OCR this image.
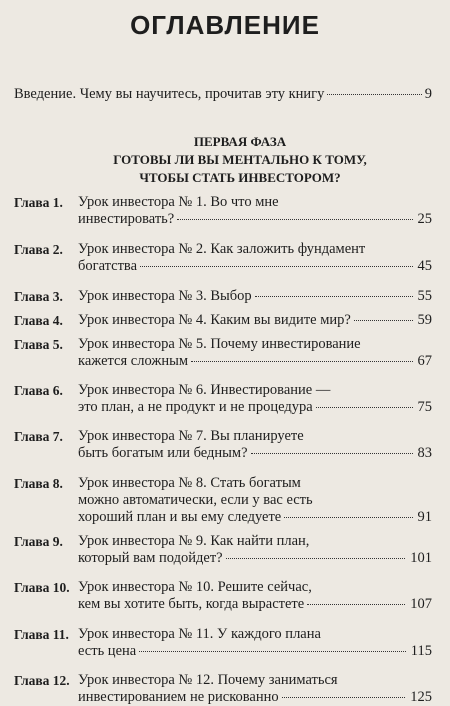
ОГЛАВЛЕНИЕ
Введение. Чему вы научитесь, прочитав эту книгу	9
ПЕРВАЯ ФАЗА
ГОТОВЫ ЛИ ВЫ МЕНТАЛЬНО К ТОМУ,
ЧТОБЫ СТАТЬ ИНВЕСТОРОМ?
Глава 1.	Урок инвестора № 1. Во что мне
инвестировать?	25
Глава 2.	Урок инвестора № 2. Как заложить фундамент
богатства	45
Глава 3.	Урок инвестора № 3. Выбор	55
Глава 4.	Урок инвестора № 4. Каким вы видите мир?	59
Глава 5.	Урок инвестора № 5. Почему инвестирование
кажется сложным	67
Глава 6.	Урок инвестора № 6. Инвестирование —
это план, а не продукт и не процедура	75
Глава 7.	Урок инвестора № 7. Вы планируете
быть богатым или бедным?	83
Глава 8.	Урок инвестора № 8. Стать богатым
можно автоматически, если у вас есть
хороший план и вы ему следуете	91
Глава 9.	Урок инвестора № 9. Как найти план,
который вам подойдет?	101
Глава 10. Урок инвестора № 10. Решите сейчас,
кем вы хотите быть, когда вырастете	107
Глава 11. Урок инвестора № 11. У каждого плана
есть цена	115
Глава 12. Урок инвестора № 12. Почему заниматься
инвестированием не рискованно	125
